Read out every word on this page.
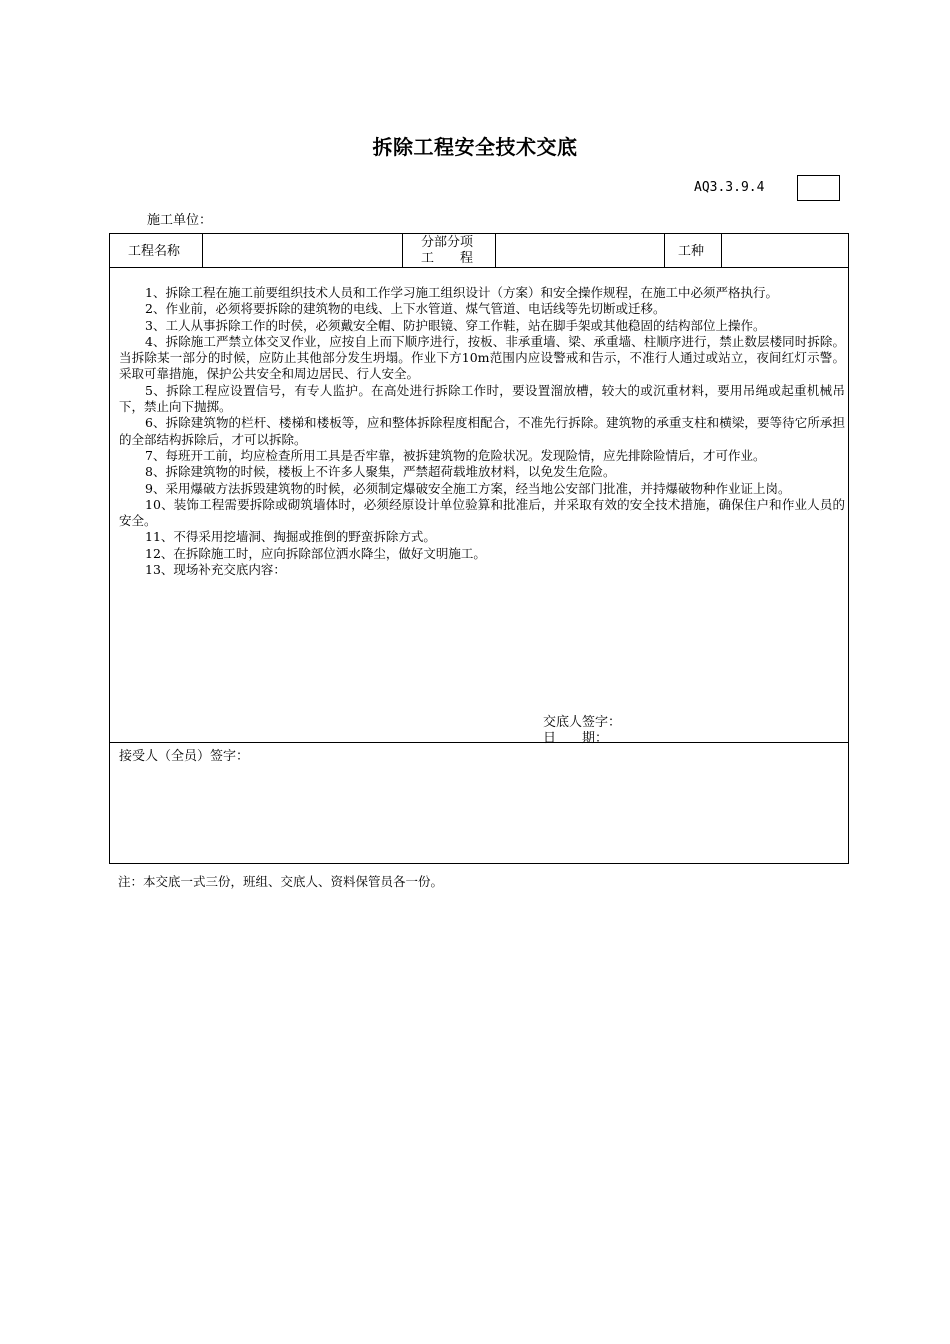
拆除工程安全技术交底
AQ3.3.9.4
施工单位：
工程名称
分部分项
工　　程	工种

1、拆除工程在施工前要组织技术人员和工作学习施工组织设计（方案）和安全操作规程，在施工中必须严格执行。

2、作业前，必须将要拆除的建筑物的电线、上下水管道、煤气管道、电话线等先切断或迁移。

3、工人从事拆除工作的时侯，必须戴安全帽、防护眼镜、穿工作鞋，站在脚手架或其他稳固的结构部位上操作。

4、拆除施工严禁立体交叉作业，应按自上而下顺序进行，按板、非承重墙、梁、承重墙、柱顺序进行，禁止数层楼同时拆除。当拆除某一部分的时候，应防止其他部分发生坍塌。作业下方10m范围内应设警戒和告示，不准行人通过或站立，夜间红灯示警。采取可靠措施，保护公共安全和周边居民、行人安全。

5、拆除工程应设置信号，有专人监护。在高处进行拆除工作时，要设置溜放槽，较大的或沉重材料，要用吊绳或起重机械吊下，禁止向下抛掷。

6、拆除建筑物的栏杆、楼梯和楼板等，应和整体拆除程度相配合，不准先行拆除。建筑物的承重支柱和横梁，要等待它所承担的全部结构拆除后，才可以拆除。

7、每班开工前，均应检查所用工具是否牢靠，被拆建筑物的危险状况。发现险情，应先排除险情后，才可作业。

8、拆除建筑物的时候，楼板上不许多人聚集，严禁超荷载堆放材料，以免发生危险。

9、采用爆破方法拆毁建筑物的时候，必须制定爆破安全施工方案，经当地公安部门批准，并持爆破物种作业证上岗。

10、装饰工程需要拆除或砌筑墙体时，必须经原设计单位验算和批准后，并采取有效的安全技术措施，确保住户和作业人员的安全。

11、不得采用挖墙洞、掏掘或推倒的野蛮拆除方式。

12、在拆除施工时，应向拆除部位洒水降尘，做好文明施工。

13、现场补充交底内容：

交底人签字：
日　　期：
接受人（全员）签字：
注：本交底一式三份，班组、交底人、资料保管员各一份。
